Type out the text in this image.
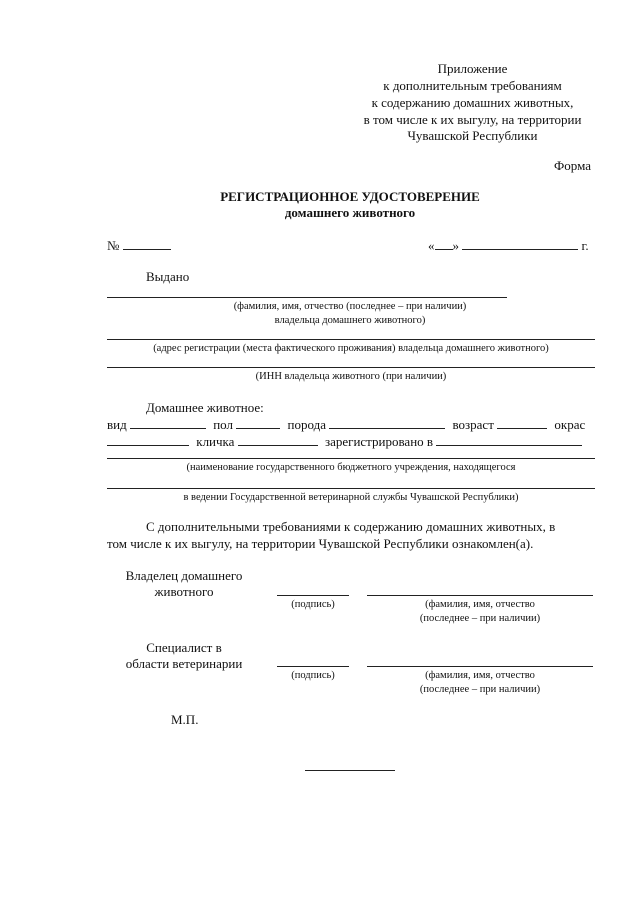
Приложение
к дополнительным требованиям
к содержанию домашних животных,
в том числе к их выгулу, на территории
Чувашской Республики
Форма
РЕГИСТРАЦИОННОЕ УДОСТОВЕРЕНИЕ
домашнего животного
№	« »	г.
Выдано
(фамилия, имя, отчество (последнее – при наличии)
владельца домашнего животного)
(адрес регистрации (места фактического проживания) владельца домашнего животного)
(ИНН владельца животного (при наличии)
Домашнее животное:
вид	пол	порода	возраст	окрас
кличка	зарегистрировано в
(наименование государственного бюджетного учреждения, находящегося
в ведении Государственной ветеринарной службы Чувашской Республики)
С дополнительными требованиями к содержанию домашних животных, в
том числе к их выгулу, на территории Чувашской Республики ознакомлен(а).
Владелец домашнего
животного
(подпись)	(фамилия, имя, отчество
(последнее – при наличии)
Специалист в
области ветеринарии
(подпись)	(фамилия, имя, отчество
(последнее – при наличии)
М.П.
